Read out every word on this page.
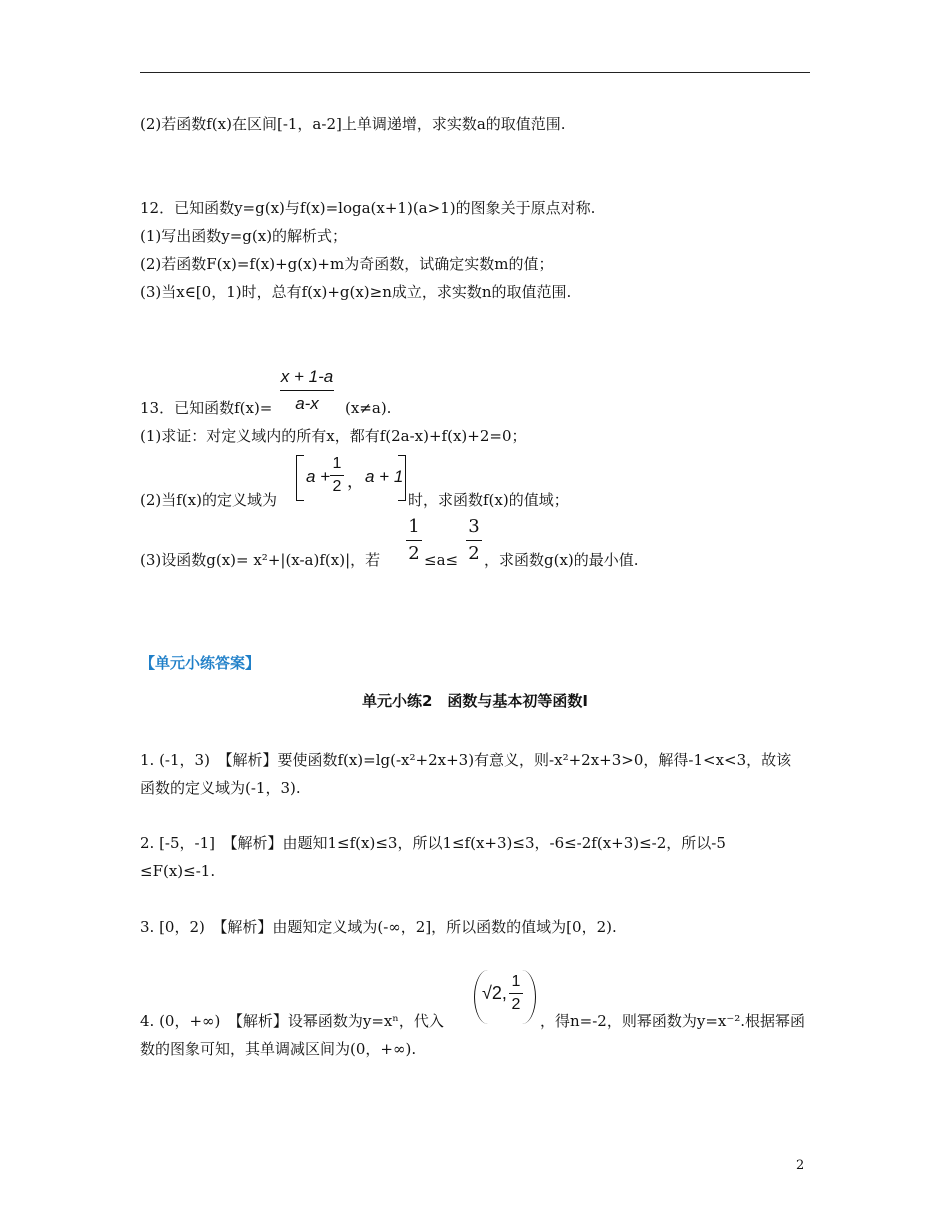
(2)若函数f(x)在区间[-1，a-2]上单调递增，求实数a的取值范围.
12．已知函数y=g(x)与f(x)=loga(x+1)(a>1)的图象关于原点对称.
(1)写出函数y=g(x)的解析式；
(2)若函数F(x)=f(x)+g(x)+m为奇函数，试确定实数m的值；
(3)当x∈[0，1)时，总有f(x)+g(x)≥n成立，求实数n的取值范围.
13．已知函数f(x)=
x + 1-a
a-x	(x≠a).
(1)求证：对定义域内的所有x，都有f(2a-x)+f(x)+2=0；
(2)当f(x)的定义域为
a +
1
2 ， a + 1
时，求函数f(x)的值域；
(3)设函数g(x)= x²+|(x-a)f(x)|，若
1
2 ≤a≤
3
2 ，求函数g(x)的最小值.
【单元小练答案】
单元小练2　函数与基本初等函数Ⅰ
1. (-1，3)　【解析】要使函数f(x)=lg(-x²+2x+3)有意义，则-x²+2x+3>0，解得-1<x<3，故该
函数的定义域为(-1，3).
2. [-5，-1]　【解析】由题知1≤f(x)≤3，所以1≤f(x+3)≤3，-6≤-2f(x+3)≤-2，所以-5
≤F(x)≤-1.
3. [0，2)　【解析】由题知定义域为(-∞，2]，所以函数的值域为[0，2).
4. (0，+∞)　【解析】设幂函数为y=xⁿ，代入
√2,
1
2
，得n=-2，则幂函数为y=x⁻².根据幂函
数的图象可知，其单调减区间为(0，+∞).
2
